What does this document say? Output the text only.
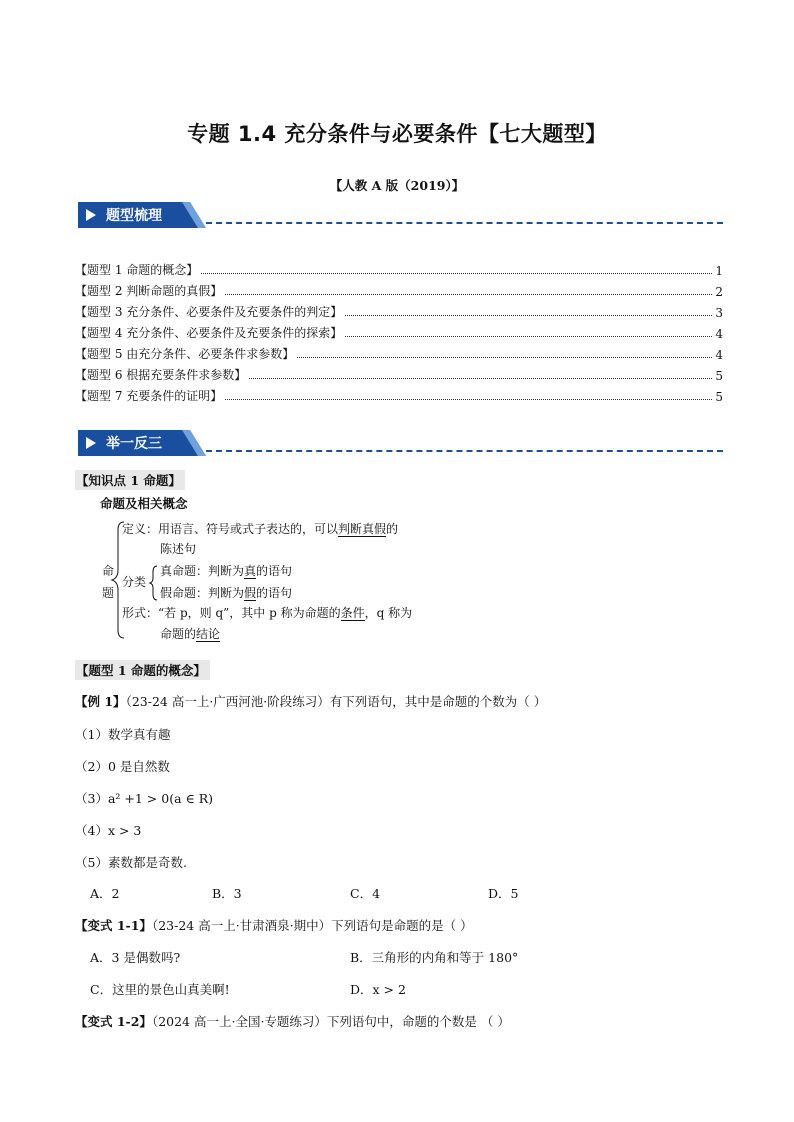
专题 1.4 充分条件与必要条件【七大题型】
【人教 A 版（2019）】
题型梳理
【题型 1 命题的概念】	1
【题型 2 判断命题的真假】	2
【题型 3 充分条件、必要条件及充要条件的判定】	3
【题型 4 充分条件、必要条件及充要条件的探索】	4
【题型 5 由充分条件、必要条件求参数】	4
【题型 6 根据充要条件求参数】	5
【题型 7 充要条件的证明】	5
举一反三
【知识点 1 命题】
命题及相关概念
命题
定义：用语言、符号或式子表达的，可以判断真假的
陈述句
分类
真命题：判断为真的语句
假命题：判断为假的语句
形式：“若 p，则 q”，其中 p 称为命题的条件，q 称为
命题的结论
【题型 1 命题的概念】
【例 1】（23-24 高一上·广西河池·阶段练习）有下列语句，其中是命题的个数为（ ）
（1）数学真有趣
（2）0 是自然数
（3）a² +1 > 0(a ∈ R)
（4）x > 3
（5）素数都是奇数.
A．2	B．3	C．4	D．5
【变式 1-1】（23-24 高一上·甘肃酒泉·期中）下列语句是命题的是（ ）
A．3 是偶数吗?	B．三角形的内角和等于 180°
C．这里的景色山真美啊!	D．x > 2
【变式 1-2】（2024 高一上·全国·专题练习）下列语句中，命题的个数是 （ ）
